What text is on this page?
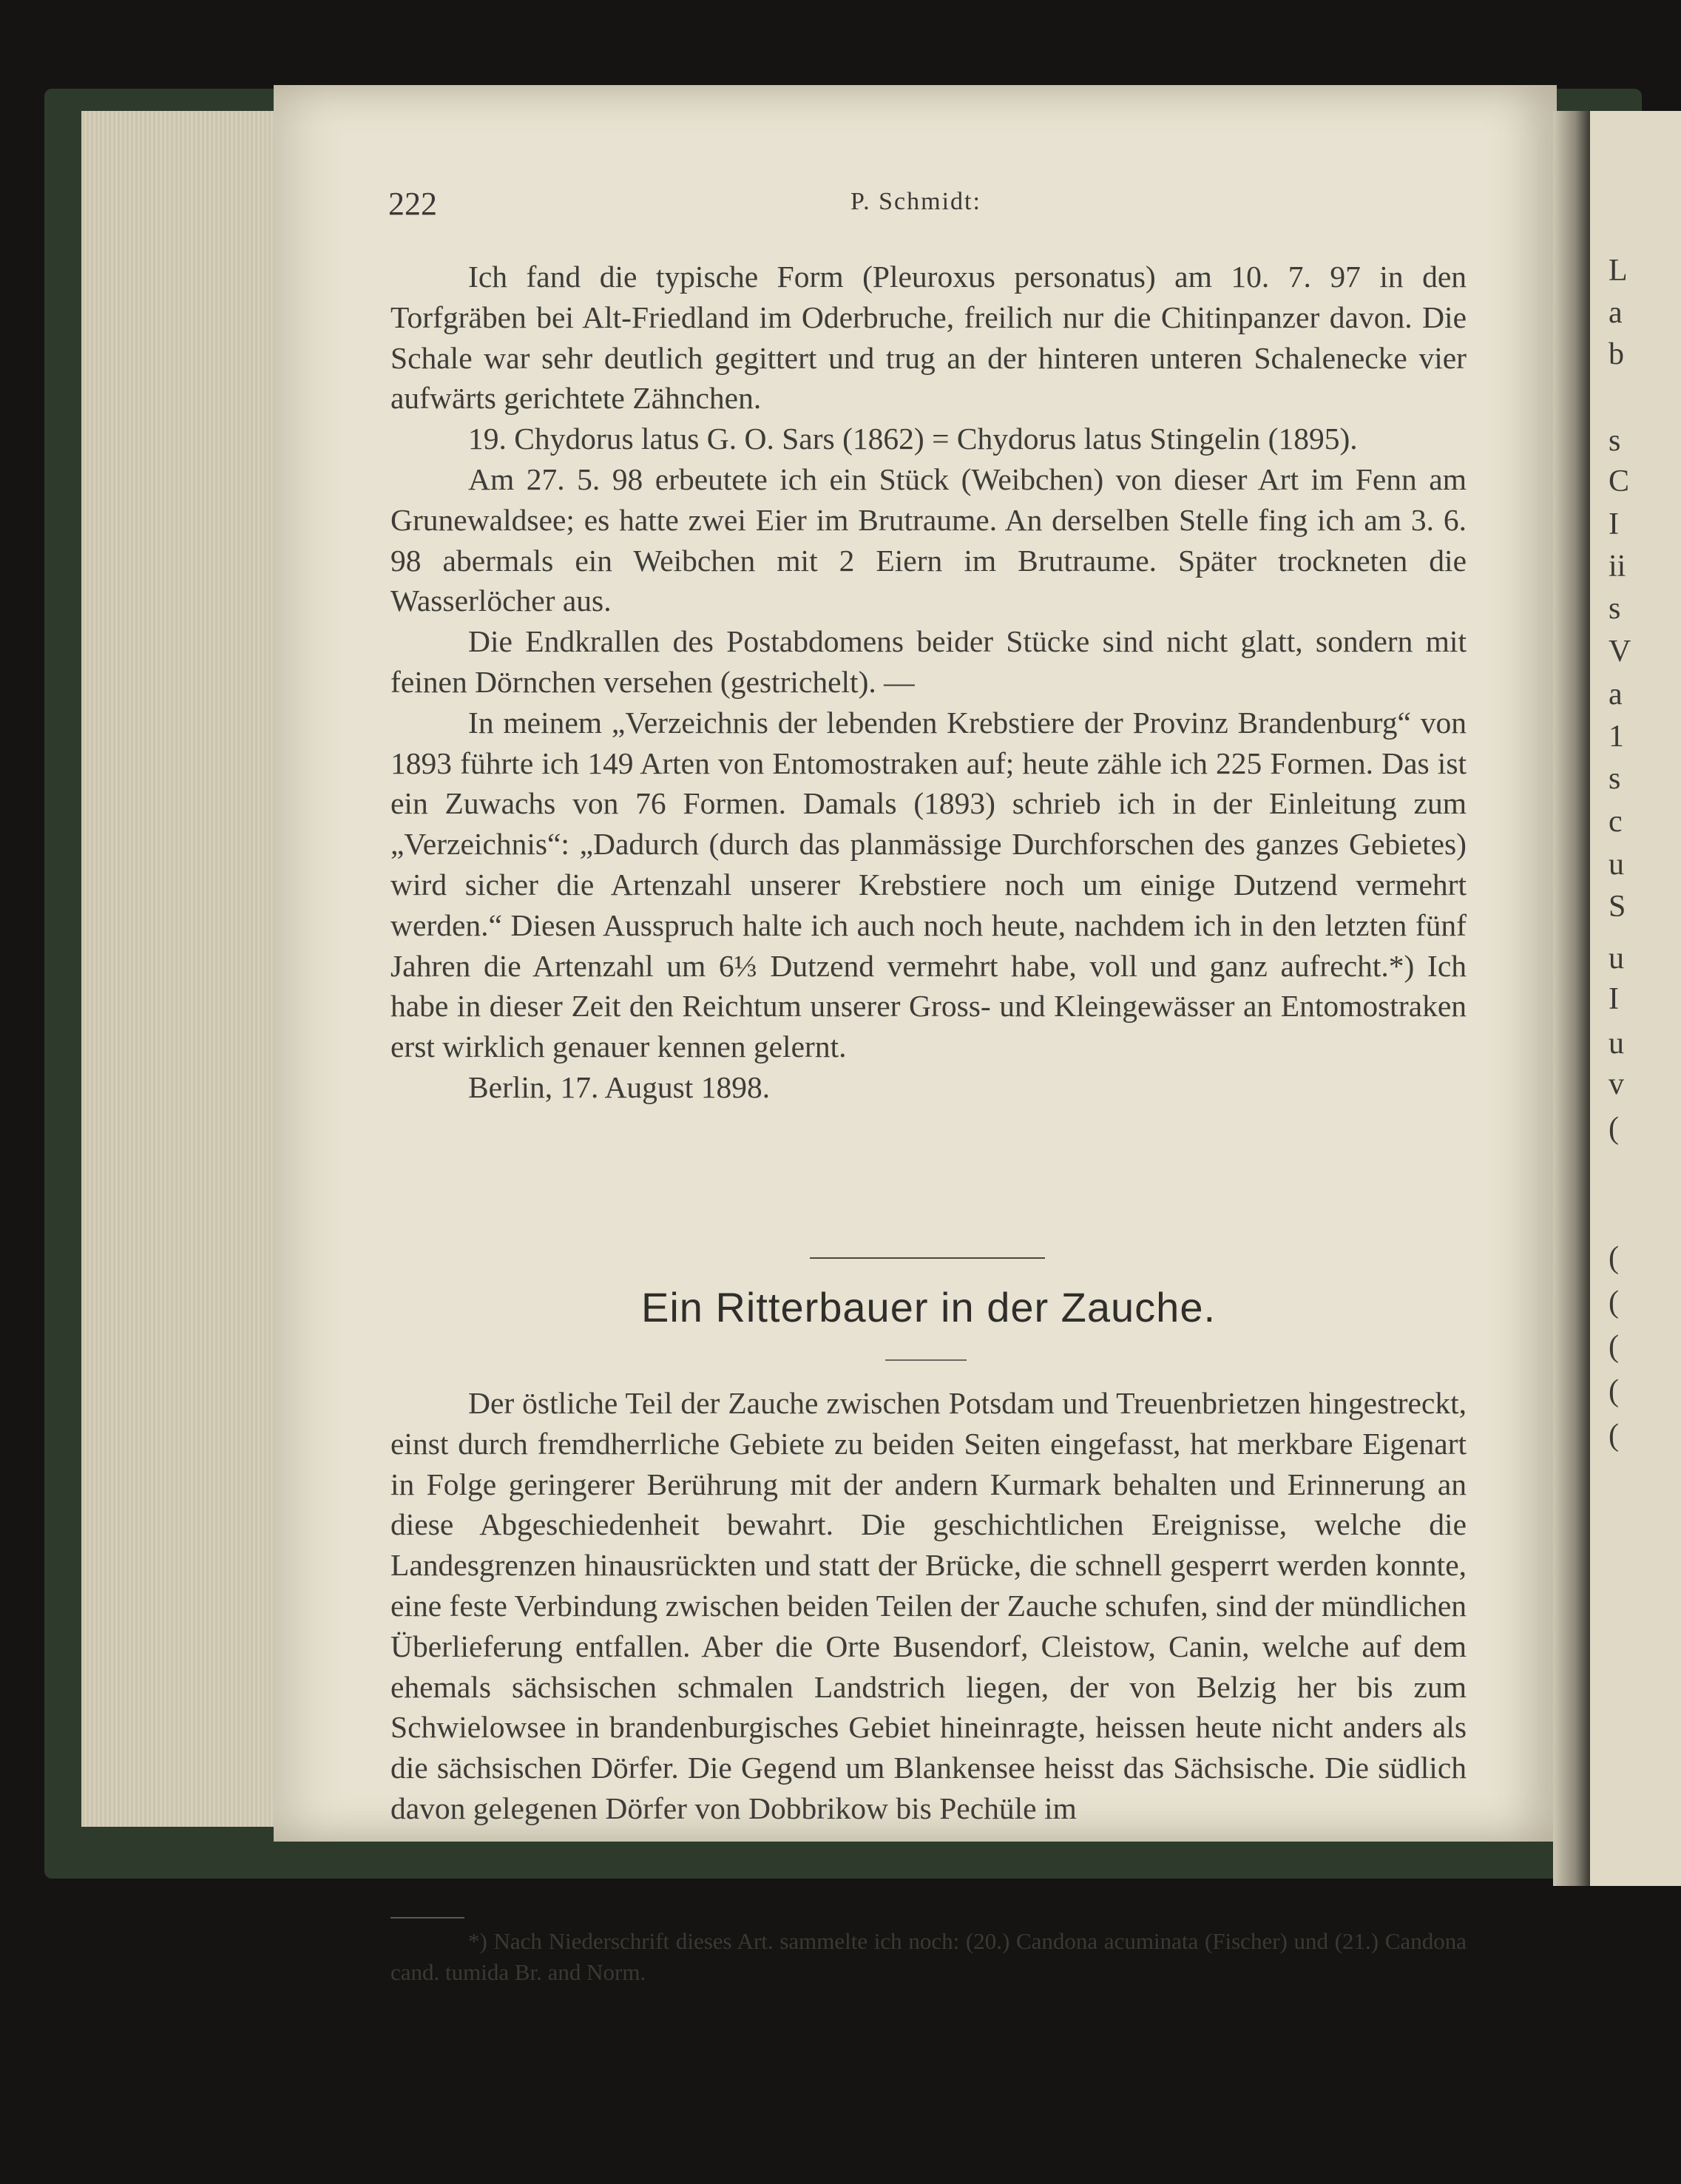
L
a
b
s
C
I
ii
s
V
a
1
s
c
u
S
u
I
u
v
(
(
(
(
(
(
222	P. Schmidt:

Ich fand die typische Form (Pleuroxus personatus) am 10. 7. 97 in den Torfgräben bei Alt-Friedland im Oderbruche, freilich nur die Chitinpanzer davon. Die Schale war sehr deutlich gegittert und trug an der hinteren unteren Schalenecke vier aufwärts gerichtete Zähnchen.

19. Chydorus latus G. O. Sars (1862) = Chydorus latus Stingelin (1895).

Am 27. 5. 98 erbeutete ich ein Stück (Weibchen) von dieser Art im Fenn am Grunewaldsee; es hatte zwei Eier im Brutraume. An derselben Stelle fing ich am 3. 6. 98 abermals ein Weibchen mit 2 Eiern im Brutraume. Später trockneten die Wasserlöcher aus.

Die Endkrallen des Postabdomens beider Stücke sind nicht glatt, sondern mit feinen Dörnchen versehen (gestrichelt). —

In meinem „Verzeichnis der lebenden Krebstiere der Provinz Brandenburg“ von 1893 führte ich 149 Arten von Entomostraken auf; heute zähle ich 225 Formen. Das ist ein Zuwachs von 76 Formen. Damals (1893) schrieb ich in der Einleitung zum „Verzeichnis“: „Dadurch (durch das planmässige Durchforschen des ganzes Gebietes) wird sicher die Artenzahl unserer Krebstiere noch um einige Dutzend vermehrt werden.“ Diesen Ausspruch halte ich auch noch heute, nachdem ich in den letzten fünf Jahren die Artenzahl um 6⅓ Dutzend vermehrt habe, voll und ganz aufrecht.*) Ich habe in dieser Zeit den Reichtum unserer Gross- und Kleingewässer an Entomostraken erst wirklich genauer kennen gelernt.

Berlin, 17. August 1898.

Ein Ritterbauer in der Zauche.

Der östliche Teil der Zauche zwischen Potsdam und Treuenbrietzen hingestreckt, einst durch fremdherrliche Gebiete zu beiden Seiten eingefasst, hat merkbare Eigenart in Folge geringerer Berührung mit der andern Kurmark behalten und Erinnerung an diese Abgeschiedenheit bewahrt. Die geschichtlichen Ereignisse, welche die Landesgrenzen hinausrückten und statt der Brücke, die schnell gesperrt werden konnte, eine feste Verbindung zwischen beiden Teilen der Zauche schufen, sind der mündlichen Überlieferung entfallen. Aber die Orte Busendorf, Cleistow, Canin, welche auf dem ehemals sächsischen schmalen Landstrich liegen, der von Belzig her bis zum Schwielowsee in brandenburgisches Gebiet hineinragte, heissen heute nicht anders als die sächsischen Dörfer. Die Gegend um Blankensee heisst das Sächsische. Die südlich davon gelegenen Dörfer von Dobbrikow bis Pechüle im

*) Nach Niederschrift dieses Art. sammelte ich noch: (20.) Candona acuminata (Fischer) und (21.) Candona cand. tumida Br. and Norm.
